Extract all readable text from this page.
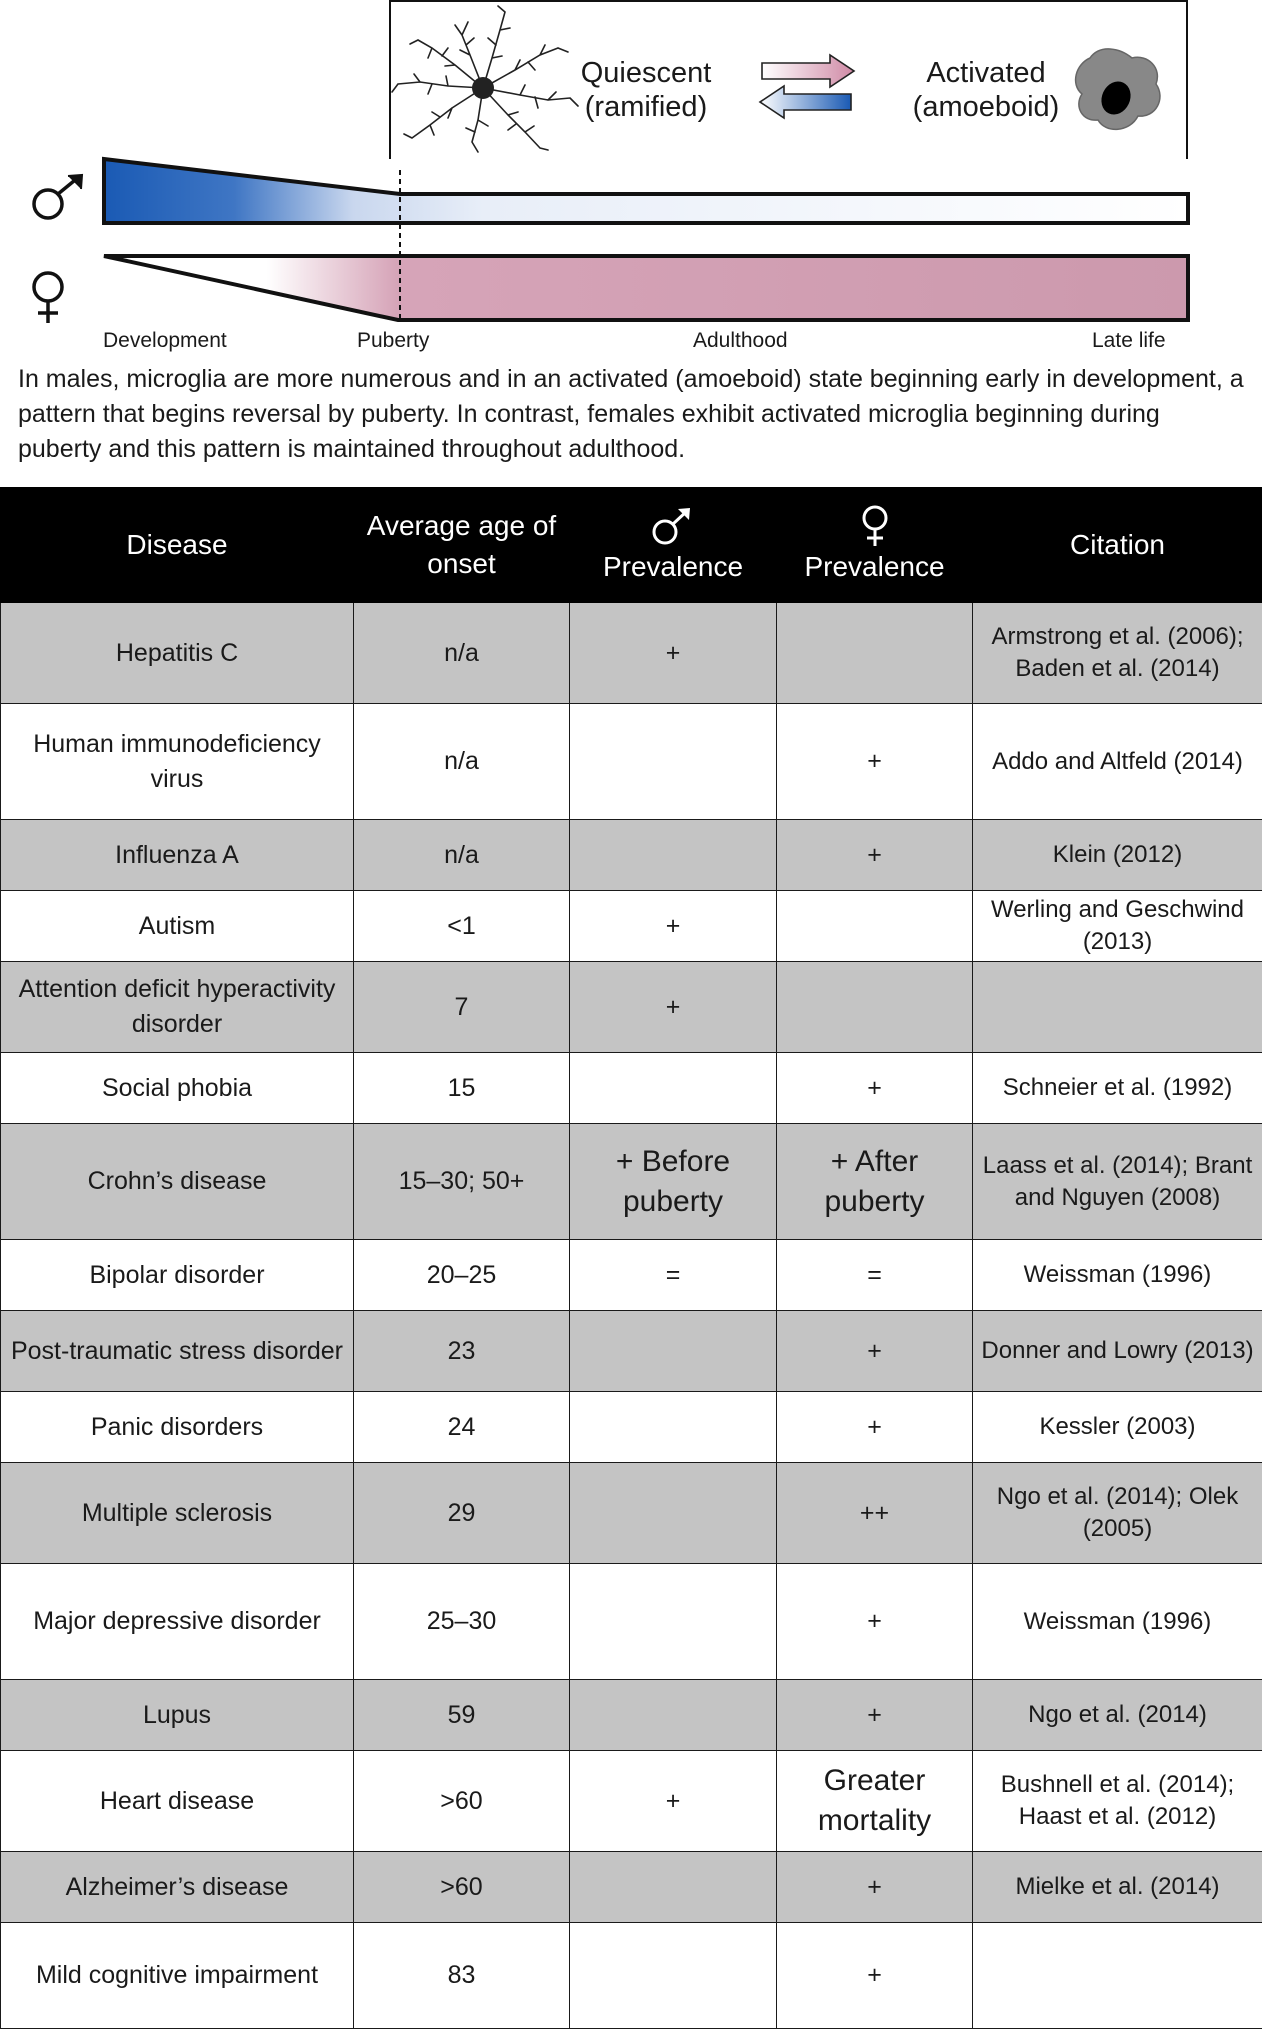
Quiescent
(ramified)
Activated
(amoeboid)
Development	Puberty	Adulthood	Late life

In males, microglia are more numerous and in an activated (amoeboid) state beginning early in development, a pattern that begins reversal by puberty. In contrast, females exhibit activated microglia beginning during puberty and this pattern is maintained throughout adulthood.

Disease	Average age of onset	Prevalence	Prevalence	Citation
Hepatitis C	n/a	+		Armstrong et al. (2006); Baden et al. (2014)
Human immunodeficiency virus	n/a		+	Addo and Altfeld (2014)
Influenza A	n/a		+	Klein (2012)
Autism	<1	+		Werling and Geschwind (2013)
Attention deficit hyperactivity disorder	7	+		
Social phobia	15		+	Schneier et al. (1992)
Crohn’s disease	15–30; 50+	+ Before puberty	+ After puberty	Laass et al. (2014); Brant and Nguyen (2008)
Bipolar disorder	20–25	=	=	Weissman (1996)
Post-traumatic stress disorder	23		+	Donner and Lowry (2013)
Panic disorders	24		+	Kessler (2003)
Multiple sclerosis	29		++	Ngo et al. (2014); Olek (2005)
Major depressive disorder	25–30		+	Weissman (1996)
Lupus	59		+	Ngo et al. (2014)
Heart disease	>60	+	Greater mortality	Bushnell et al. (2014); Haast et al. (2012)
Alzheimer’s disease	>60		+	Mielke et al. (2014)
Mild cognitive impairment	83		+	
